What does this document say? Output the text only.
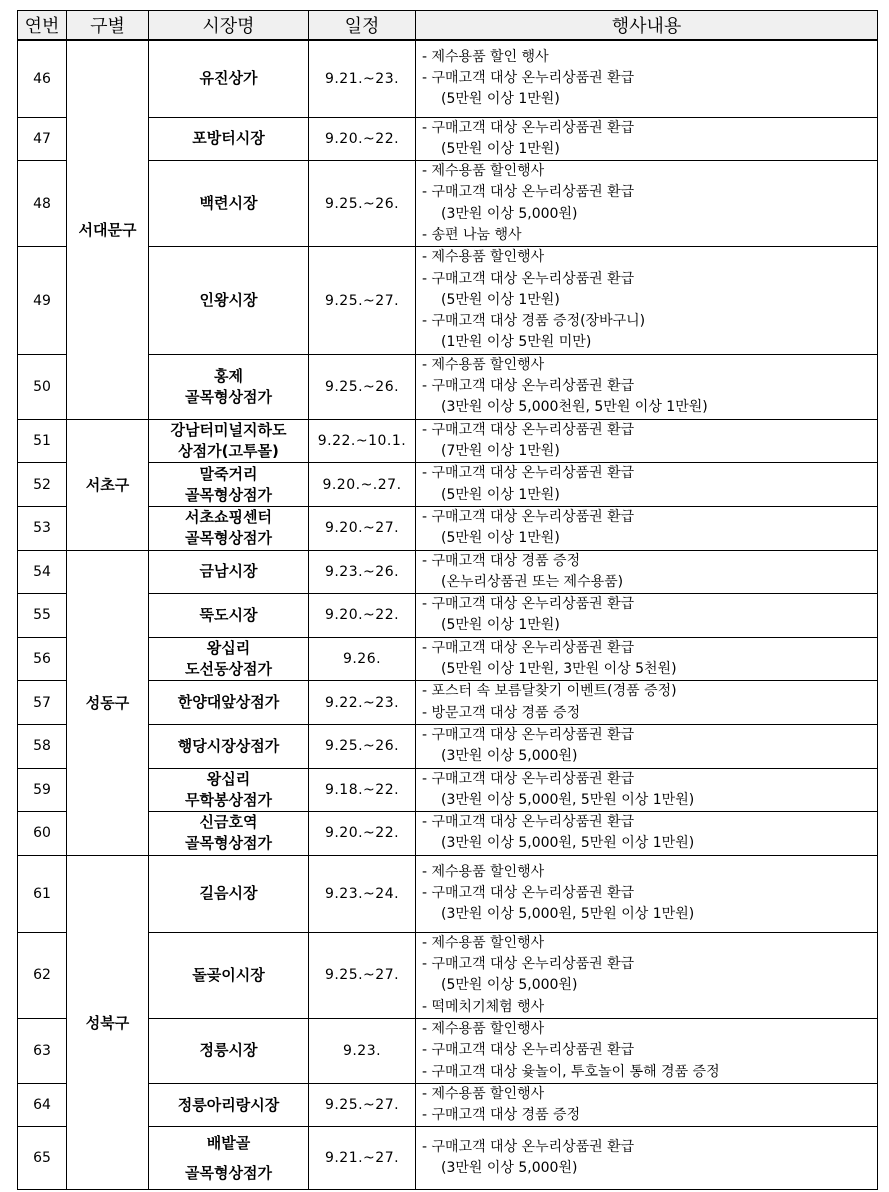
연번	구별	시장명	일정	행사내용
46	서대문구	유진상가	9.21.~23.	- 제수용품 할인 행사
- 구매고객 대상 온누리상품권 환급
(5만원 이상 1만원)

47		포방터시장	9.20.~22.	- 구매고객 대상 온누리상품권 환급
(5만원 이상 1만원)

48		백련시장	9.25.~26.	- 제수용품 할인행사
- 구매고객 대상 온누리상품권 환급
(3만원 이상 5,000원)
- 송편 나눔 행사

49		인왕시장	9.25.~27.	- 제수용품 할인행사
- 구매고객 대상 온누리상품권 환급
(5만원 이상 1만원)
- 구매고객 대상 경품 증정(장바구니)
(1만원 이상 5만원 미만)

50		홍제
골목형상점가	9.25.~26.	- 제수용품 할인행사
- 구매고객 대상 온누리상품권 환급
(3만원 이상 5,000천원, 5만원 이상 1만원)

51	서초구	강남터미널지하도
상점가(고투몰)	9.22.~10.1.	- 구매고객 대상 온누리상품권 환급
(7만원 이상 1만원)

52		말죽거리
골목형상점가	9.20.~.27.	- 구매고객 대상 온누리상품권 환급
(5만원 이상 1만원)

53		서초쇼핑센터
골목형상점가	9.20.~27.	- 구매고객 대상 온누리상품권 환급
(5만원 이상 1만원)

54	성동구	금남시장	9.23.~26.	- 구매고객 대상 경품 증정
(온누리상품권 또는 제수용품)

55		뚝도시장	9.20.~22.	- 구매고객 대상 온누리상품권 환급
(5만원 이상 1만원)

56		왕십리
도선동상점가	9.26.	- 구매고객 대상 온누리상품권 환급
(5만원 이상 1만원, 3만원 이상 5천원)

57		한양대앞상점가	9.22.~23.	- 포스터 속 보름달찾기 이벤트(경품 증정)
- 방문고객 대상 경품 증정

58		행당시장상점가	9.25.~26.	- 구매고객 대상 온누리상품권 환급
(3만원 이상 5,000원)

59		왕십리
무학봉상점가	9.18.~22.	- 구매고객 대상 온누리상품권 환급
(3만원 이상 5,000원, 5만원 이상 1만원)

60		신금호역
골목형상점가	9.20.~22.	- 구매고객 대상 온누리상품권 환급
(3만원 이상 5,000원, 5만원 이상 1만원)

61	성북구	길음시장	9.23.~24.	- 제수용품 할인행사
- 구매고객 대상 온누리상품권 환급
(3만원 이상 5,000원, 5만원 이상 1만원)

62		돌곶이시장	9.25.~27.	- 제수용품 할인행사
- 구매고객 대상 온누리상품권 환급
(5만원 이상 5,000원)
- 떡메치기체험 행사

63		정릉시장	9.23.	- 제수용품 할인행사
- 구매고객 대상 온누리상품권 환급
- 구매고객 대상 윷놀이, 투호놀이 통해 경품 증정

64		정릉아리랑시장	9.25.~27.	- 제수용품 할인행사
- 구매고객 대상 경품 증정

65		배밭골
골목형상점가	9.21.~27.	- 구매고객 대상 온누리상품권 환급
(3만원 이상 5,000원)
